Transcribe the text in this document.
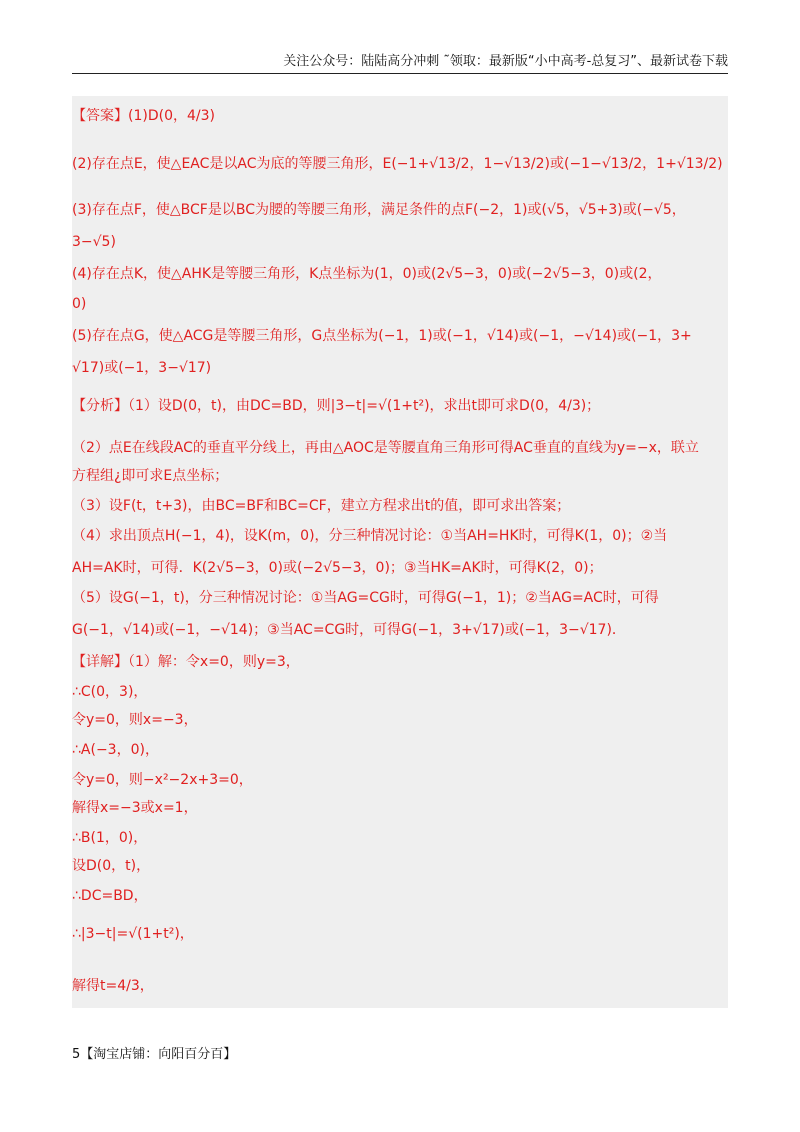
关注公众号：陆陆高分冲刺 ˜领取：最新版“小中高考-总复习”、最新试卷下载
【答案】(1)D(0，4/3)
(2)存在点E，使△EAC是以AC为底的等腰三角形，E(−1+√13/2，1−√13/2)或(−1−√13/2，1+√13/2)
(3)存在点F，使△BCF是以BC为腰的等腰三角形，满足条件的点F(−2，1)或(√5，√5+3)或(−√5，
3−√5)
(4)存在点K，使△AHK是等腰三角形，K点坐标为(1，0)或(2√5−3，0)或(−2√5−3，0)或(2，
0)
(5)存在点G，使△ACG是等腰三角形，G点坐标为(−1，1)或(−1，√14)或(−1，−√14)或(−1，3+
√17)或(−1，3−√17)
【分析】（1）设D(0，t)，由DC=BD，则|3−t|=√(1+t²)，求出t即可求D(0，4/3)；
（2）点E在线段AC的垂直平分线上，再由△AOC是等腰直角三角形可得AC垂直的直线为y=−x，联立
方程组¿即可求E点坐标；
（3）设F(t，t+3)，由BC=BF和BC=CF，建立方程求出t的值，即可求出答案；
（4）求出顶点H(−1，4)，设K(m，0)，分三种情况讨论：①当AH=HK时，可得K(1，0)；②当
AH=AK时，可得．K(2√5−3，0)或(−2√5−3，0)；③当HK=AK时，可得K(2，0)；
（5）设G(−1，t)，分三种情况讨论：①当AG=CG时，可得G(−1，1)；②当AG=AC时，可得
G(−1，√14)或(−1，−√14)；③当AC=CG时，可得G(−1，3+√17)或(−1，3−√17)．
【详解】（1）解：令x=0，则y=3，
∴C(0，3)，
令y=0，则x=−3，
∴A(−3，0)，
令y=0，则−x²−2x+3=0，
解得x=−3或x=1，
∴B(1，0)，
设D(0，t)，
∴DC=BD，
∴|3−t|=√(1+t²)，
解得t=4/3，
5【淘宝店铺：向阳百分百】
